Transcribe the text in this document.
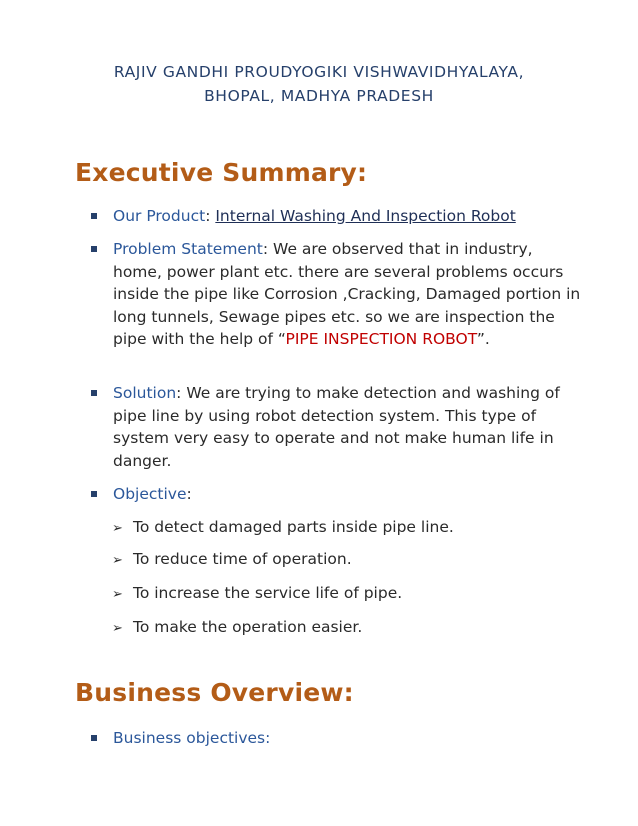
RAJIV GANDHI PROUDYOGIKI VISHWAVIDHYALAYA,
BHOPAL, MADHYA PRADESH
Executive Summary:
Our Product: Internal Washing And Inspection Robot
Problem Statement: We are observed that in industry, home, power plant etc. there are several problems occurs inside the pipe like Corrosion ,Cracking, Damaged portion in long tunnels, Sewage pipes etc. so we are inspection the pipe with the help of “PIPE INSPECTION ROBOT”.
Solution: We are trying to make detection and washing of pipe line by using robot detection system. This type of system very easy to operate and not make human life in danger.
Objective:
➢ To detect damaged parts inside pipe line.
➢ To reduce time of operation.
➢ To increase the service life of pipe.
➢ To make the operation easier.
Business Overview:
Business objectives:
